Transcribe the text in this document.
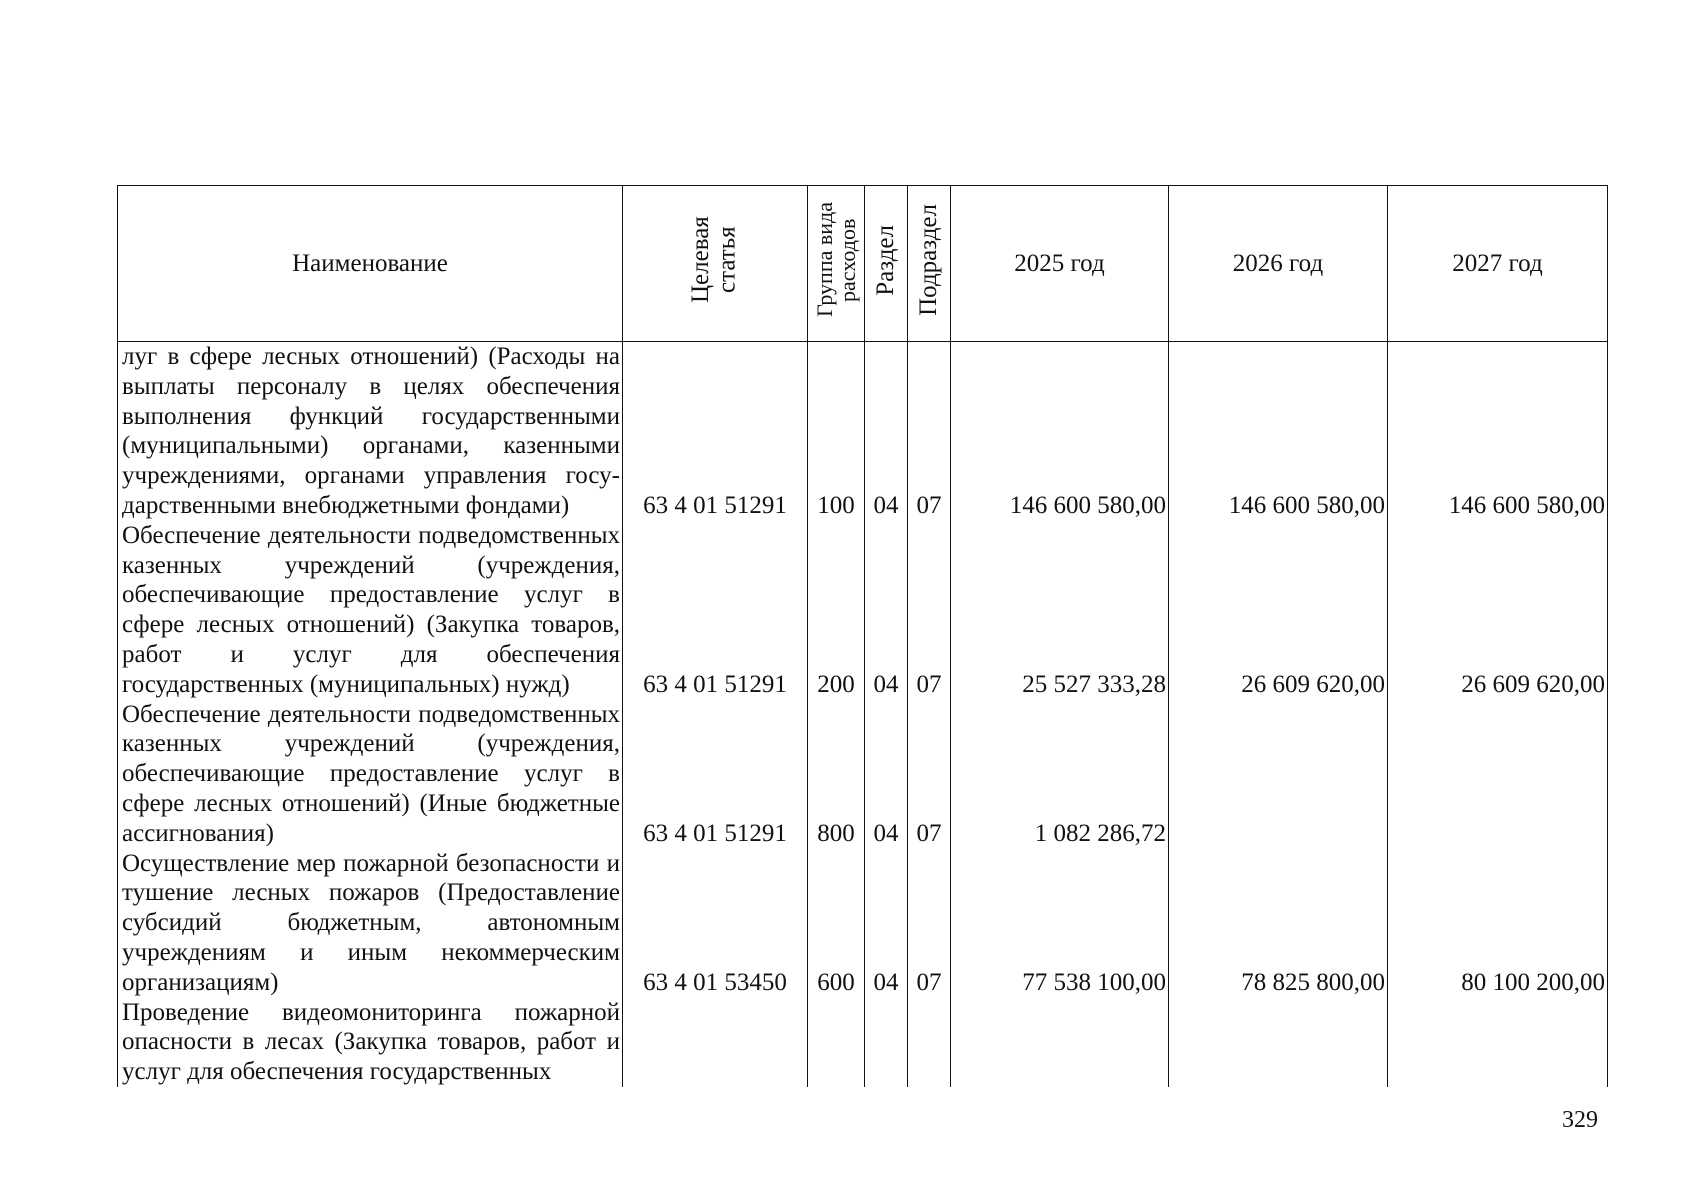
Наименование	Целевая статья	Группа вида расходов	Раздел	Подраздел	2025 год	2026 год	2027 год
луг в сфере лесных отношений) (Расходы на выплаты персоналу в целях обеспечения выполнения функций государственными (муниципальными) органами, казенными учреждениями, органами управления государственными внебюджетными фондами)	63 4 01 51291	100	04	07	146 600 580,00	146 600 580,00	146 600 580,00
Обеспечение деятельности подведомственных казенных учреждений (учреждения, обеспечивающие предоставление услуг в сфере лесных отношений) (Закупка товаров, работ и услуг для обеспечения государственных (муниципальных) нужд)	63 4 01 51291	200	04	07	25 527 333,28	26 609 620,00	26 609 620,00
Обеспечение деятельности подведомственных казенных учреждений (учреждения, обеспечивающие предоставление услуг в сфере лесных отношений) (Иные бюджетные ассигнования)	63 4 01 51291	800	04	07	1 082 286,72		
Осуществление мер пожарной безопасности и тушение лесных пожаров (Предоставление субсидий бюджетным, автономным учреждениям и иным некоммерческим организациям)	63 4 01 53450	600	04	07	77 538 100,00	78 825 800,00	80 100 200,00
Проведение видеомониторинга пожарной опасности в лесах (Закупка товаров, работ и услуг для обеспечения государственных							
329
